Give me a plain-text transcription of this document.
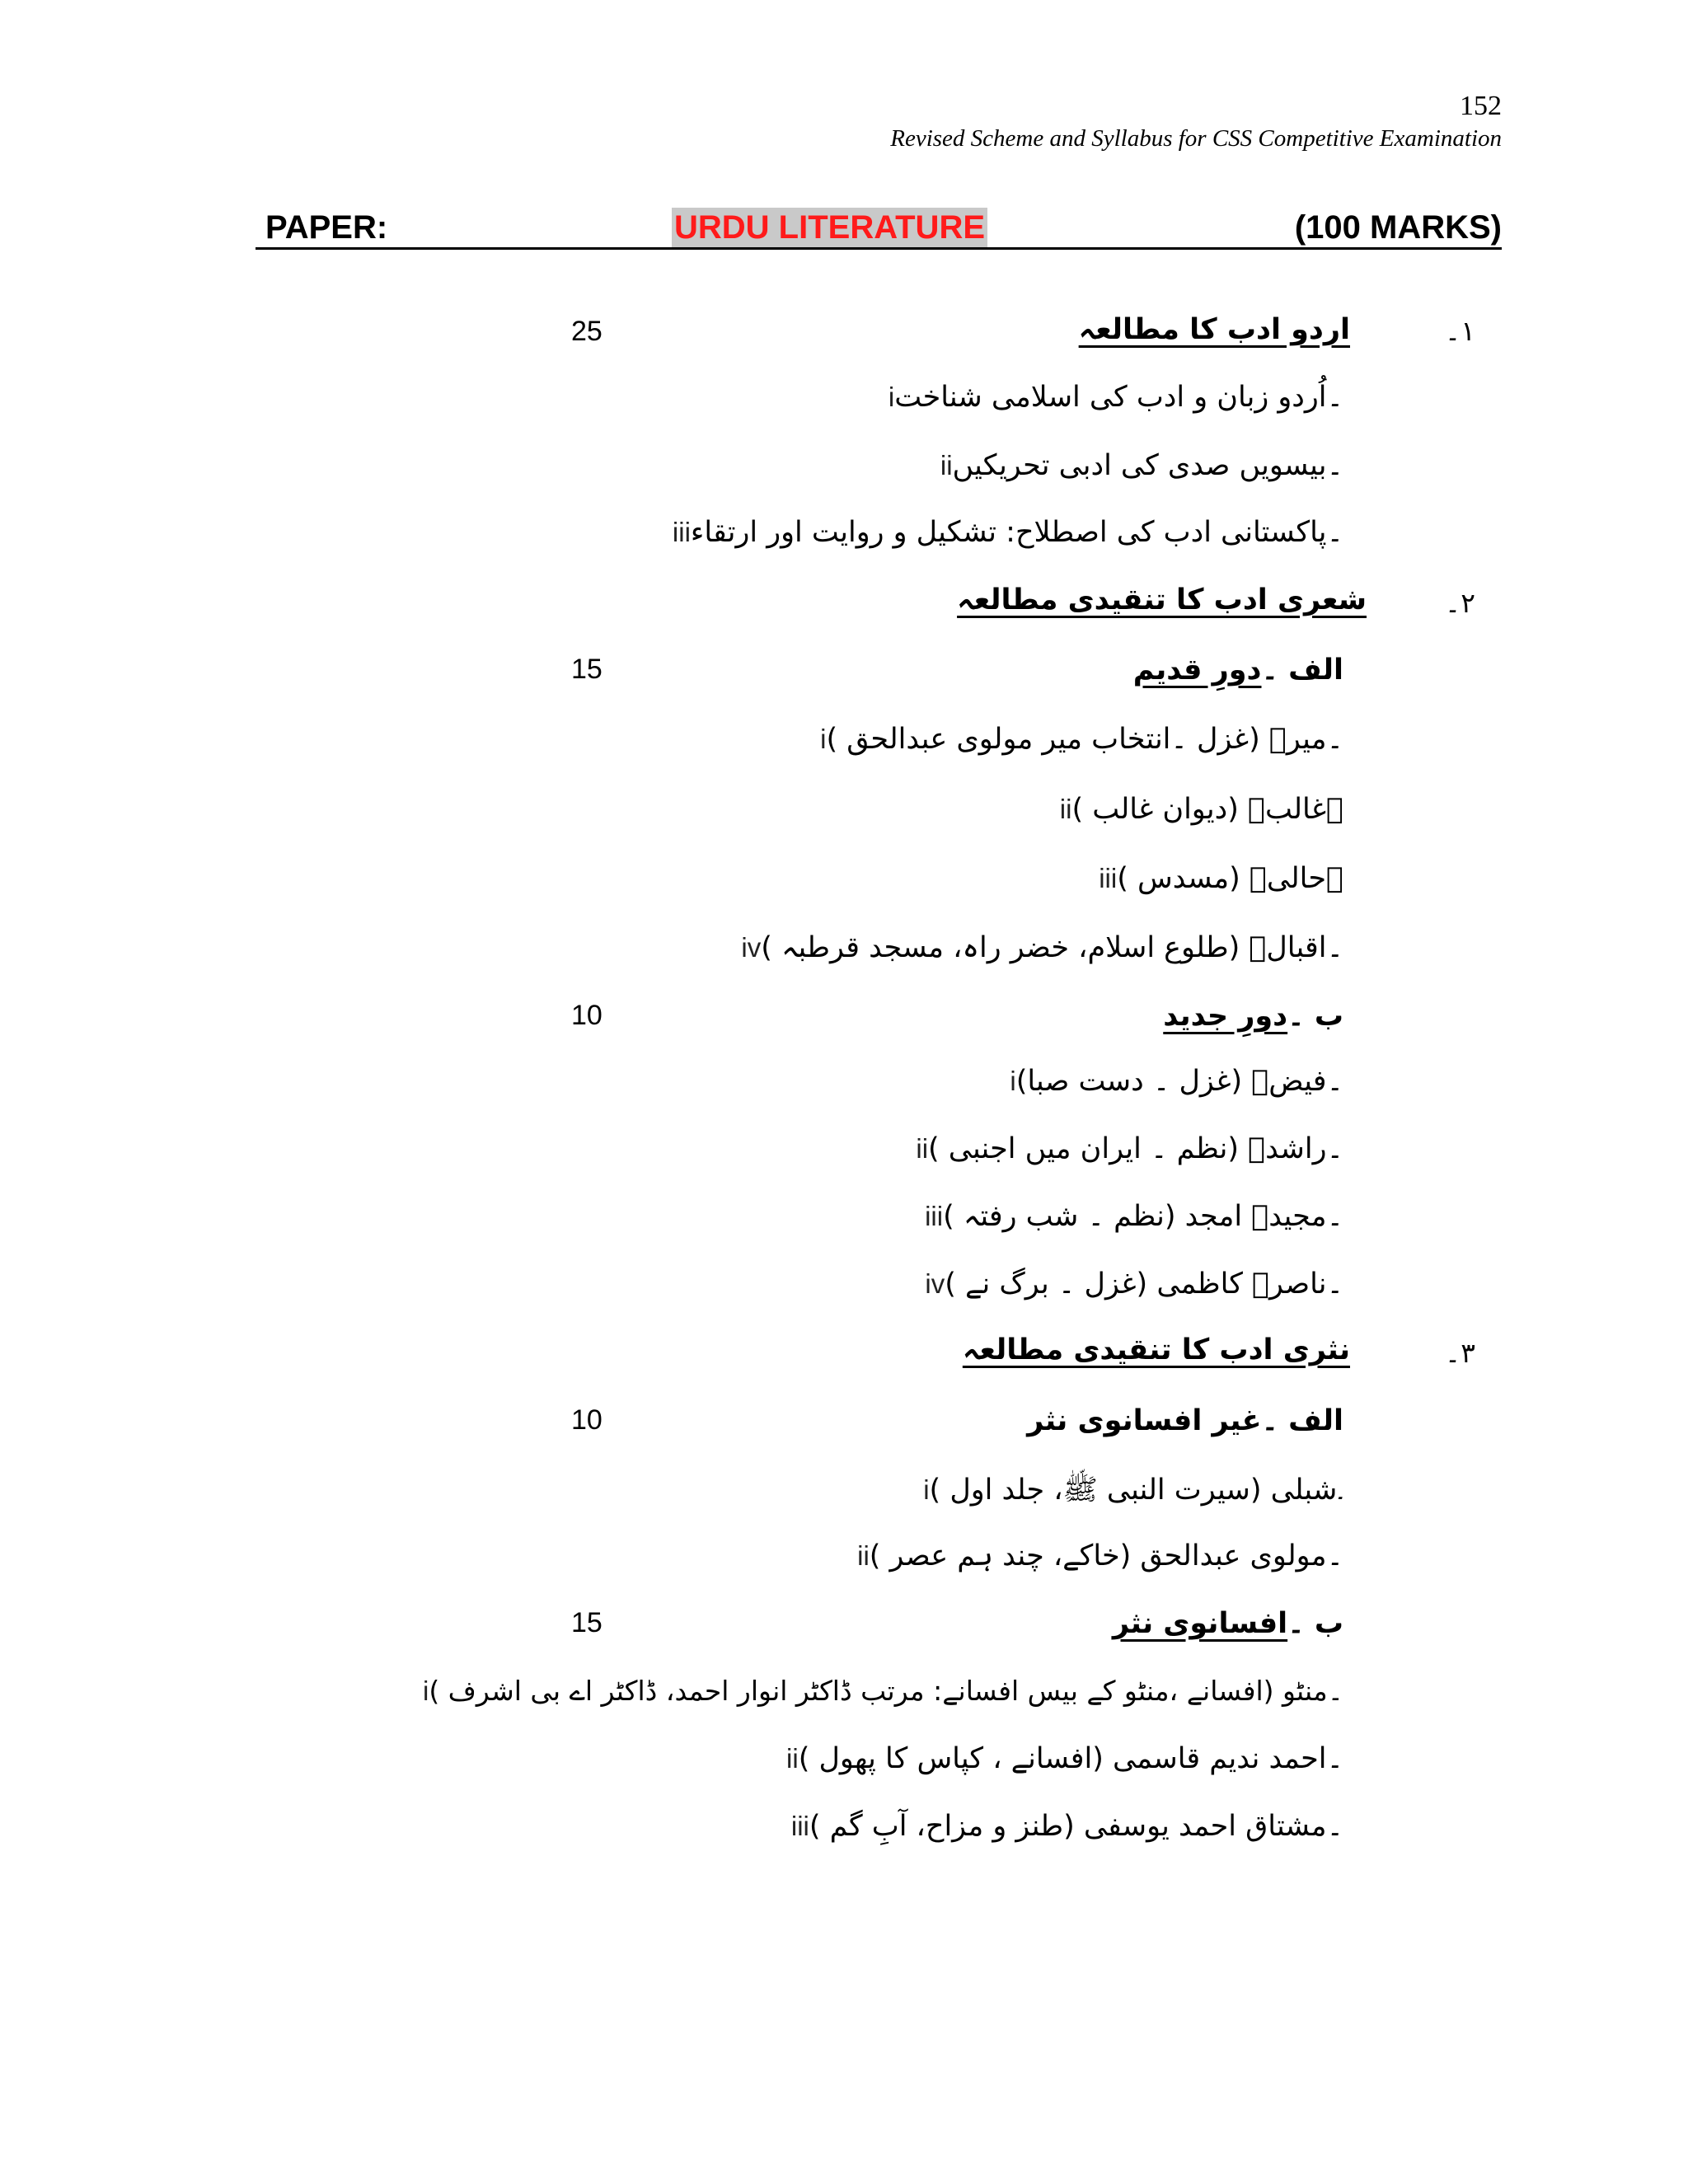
152
Revised Scheme and Syllabus for CSS Competitive Examination
PAPER:	URDU LITERATURE	(100 MARKS)
۱۔
اردو ادب کا مطالعہ
25
i۔اُردو زبان و ادب کی اسلامی شناخت
ii۔بیسویں صدی کی ادبی تحریکیں
iii۔پاکستانی ادب کی اصطلاح: تشکیل و روایت اور ارتقاء
۲۔
شعری ادب کا تنقیدی مطالعہ
الف ۔دورِ قدیم
15
i۔میرؔ (غزل ۔انتخاب میر مولوی عبدالحق )
ii۔غالبؔ (دیوان غالب )
iii۔حالیؔ (مسدس )
iv۔اقبالؔ (طلوع اسلام، خضر راہ، مسجد قرطبہ )
ب ۔دورِ جدید
10
i۔فیضؔ (غزل ۔ دست صبا)
ii۔راشدؔ (نظم ۔ ایران میں اجنبی )
iii۔مجیدؔ امجد (نظم ۔ شب رفتہ )
iv۔ناصرؔ کاظمی (غزل ۔ برگ نے )
۳۔
نثری ادب کا تنقیدی مطالعہ
الف ۔غیر افسانوی نثر
10
i۔شبلی (سیرت النبی ﷺ، جلد اول )
ii۔مولوی عبدالحق (خاکے، چند ہم عصر )
ب ۔افسانوی نثر
15
i۔منٹو (افسانے ،منٹو کے بیس افسانے: مرتب ڈاکٹر انوار احمد، ڈاکٹر اے بی اشرف )
ii۔احمد ندیم قاسمی (افسانے ، کپاس کا پھول )
iii۔مشتاق احمد یوسفی (طنز و مزاح، آبِ گم )
